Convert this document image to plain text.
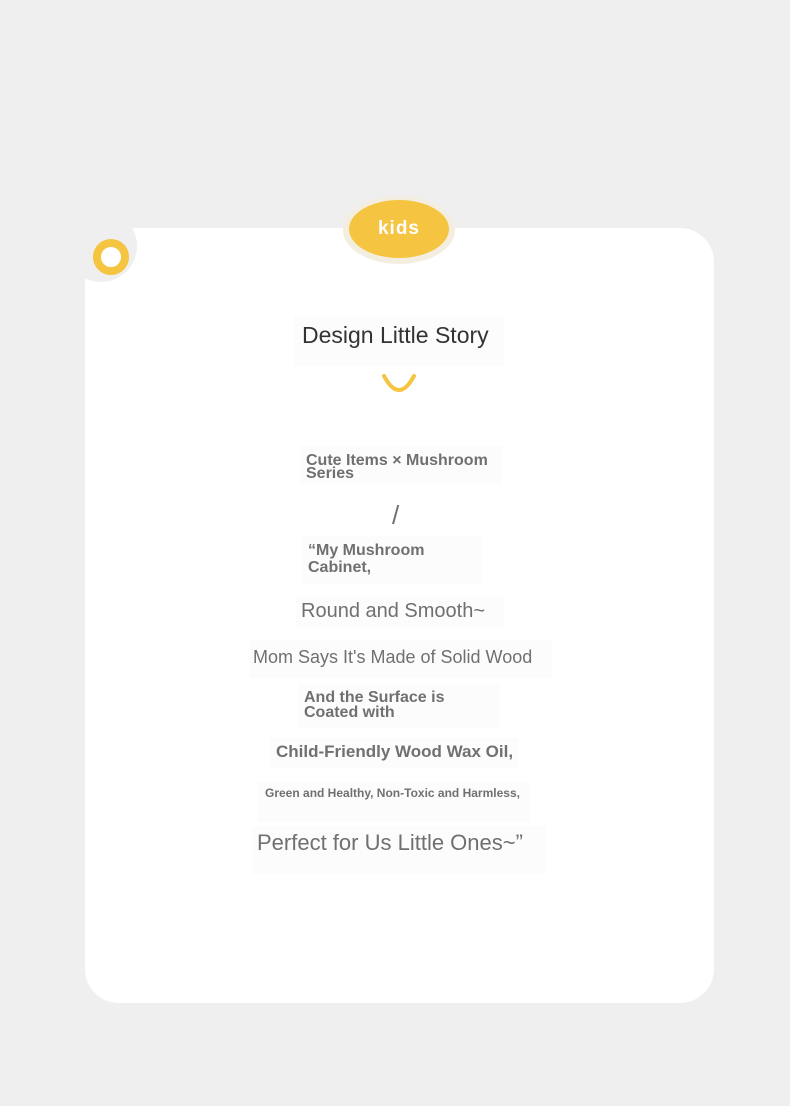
kids
Design Little Story
Cute Items × Mushroom Series
/
“My Mushroom Cabinet,
Round and Smooth~
Mom Says It's Made of Solid Wood
And the Surface is Coated with
Child-Friendly Wood Wax Oil,
Green and Healthy, Non-Toxic and Harmless,
Perfect for Us Little Ones~”
